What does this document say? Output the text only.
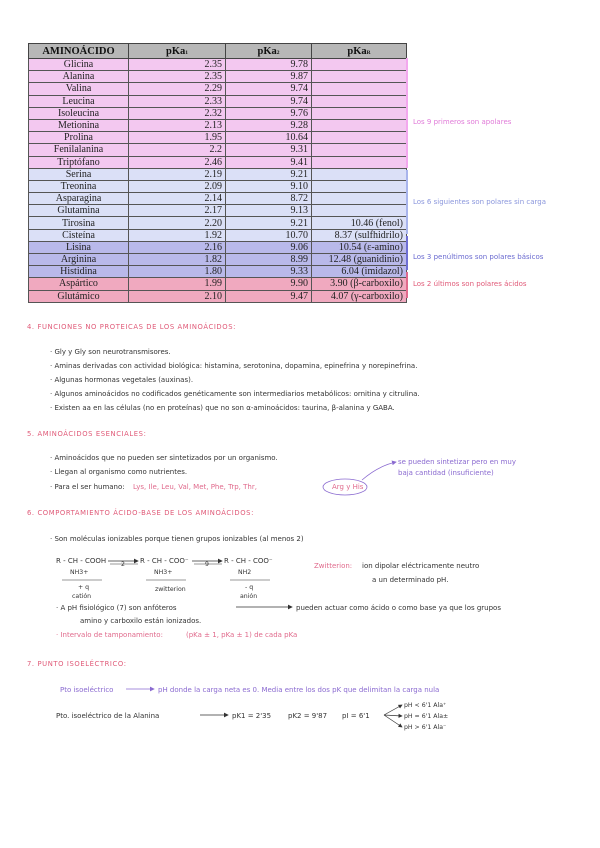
AMINOÁCIDO	pKa1	pKa2	pKaR
Glicina	2.35	9.78	
Alanina	2.35	9.87	
Valina	2.29	9.74	
Leucina	2.33	9.74	
Isoleucina	2.32	9.76	
Metionina	2.13	9.28	
Prolina	1.95	10.64	
Fenilalanina	2.2	9.31	
Triptófano	2.46	9.41	
Serina	2.19	9.21	
Treonina	2.09	9.10	
Asparagina	2.14	8.72	
Glutamina	2.17	9.13	
Tirosina	2.20	9.21	10.46 (fenol)
Cisteína	1.92	10.70	8.37 (sulfhidrilo)
Lisina	2.16	9.06	10.54 (ε-amino)
Arginina	1.82	8.99	12.48 (guanidinio)
Histidina	1.80	9.33	6.04 (imidazol)
Aspártico	1.99	9.90	3.90 (β-carboxilo)
Glutámico	2.10	9.47	4.07 (γ-carboxilo)
Los 9 primeros son apolares
Los 6 siguientes son polares sin carga
Los 3 penúltimos son polares básicos
Los 2 últimos son polares ácidos
4. FUNCIONES NO PROTEICAS DE LOS AMINOÁCIDOS:
· Gly y Gly son neurotransmisores.
· Aminas derivadas con actividad biológica: histamina, serotonina, dopamina, epinefrina y norepinefrina.
· Algunas hormonas vegetales (auxinas).
· Algunos aminoácidos no codificados genéticamente son intermediarios metabólicos: ornitina y citrulina.
· Existen aa en las células (no en proteínas) que no son α-aminoácidos: taurina, β-alanina y GABA.
5. AMINOÁCIDOS ESENCIALES:
· Aminoácidos que no pueden ser sintetizados por un organismo.
· Llegan al organismo como nutrientes.
· Para el ser humano: Lys, Ile, Leu, Val, Met, Phe, Trp, Thr,	Arg y His
se pueden sintetizar pero en muy
baja cantidad (insuficiente)
6. COMPORTAMIENTO ÁCIDO-BASE DE LOS AMINOÁCIDOS:
· Son moléculas ionizables porque tienen grupos ionizables (al menos 2)
R - CH - COOH
NH3+
2 R - CH - COO⁻
NH3+
9 R - CH - COO⁻
NH2
+ q
catión
zwitterion	- q
anión
Zwitterion: ion dipolar eléctricamente neutro
a un determinado pH.
· A pH fisiológico (7) son anfóteros	pueden actuar como ácido o como base ya que los grupos
amino y carboxilo están ionizados.
· Intervalo de tamponamiento:	(pKa ± 1, pKa ± 1) de cada pKa
7. PUNTO ISOELÉCTRICO:
Pto isoeléctrico	pH donde la carga neta es 0. Media entre los dos pK que delimitan la carga nula
Pto. isoeléctrico de la Alanina	pK1 = 2'35 pK2 = 9'87 pI = 6'1
pH < 6'1 Ala⁺
pH = 6'1 Ala±
pH > 6'1 Ala⁻
